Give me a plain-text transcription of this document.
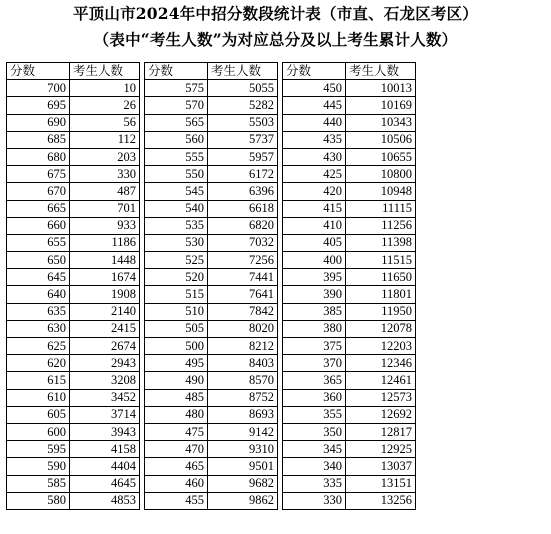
平顶山市2024年中招分数段统计表（市直、石龙区考区）
（表中“考生人数”为对应总分及以上考生累计人数）
分数	考生人数
700	10
695	26
690	56
685	112
680	203
675	330
670	487
665	701
660	933
655	1186
650	1448
645	1674
640	1908
635	2140
630	2415
625	2674
620	2943
615	3208
610	3452
605	3714
600	3943
595	4158
590	4404
585	4645
580	4853
分数	考生人数
575	5055
570	5282
565	5503
560	5737
555	5957
550	6172
545	6396
540	6618
535	6820
530	7032
525	7256
520	7441
515	7641
510	7842
505	8020
500	8212
495	8403
490	8570
485	8752
480	8693
475	9142
470	9310
465	9501
460	9682
455	9862
分数	考生人数
450	10013
445	10169
440	10343
435	10506
430	10655
425	10800
420	10948
415	11115
410	11256
405	11398
400	11515
395	11650
390	11801
385	11950
380	12078
375	12203
370	12346
365	12461
360	12573
355	12692
350	12817
345	12925
340	13037
335	13151
330	13256
